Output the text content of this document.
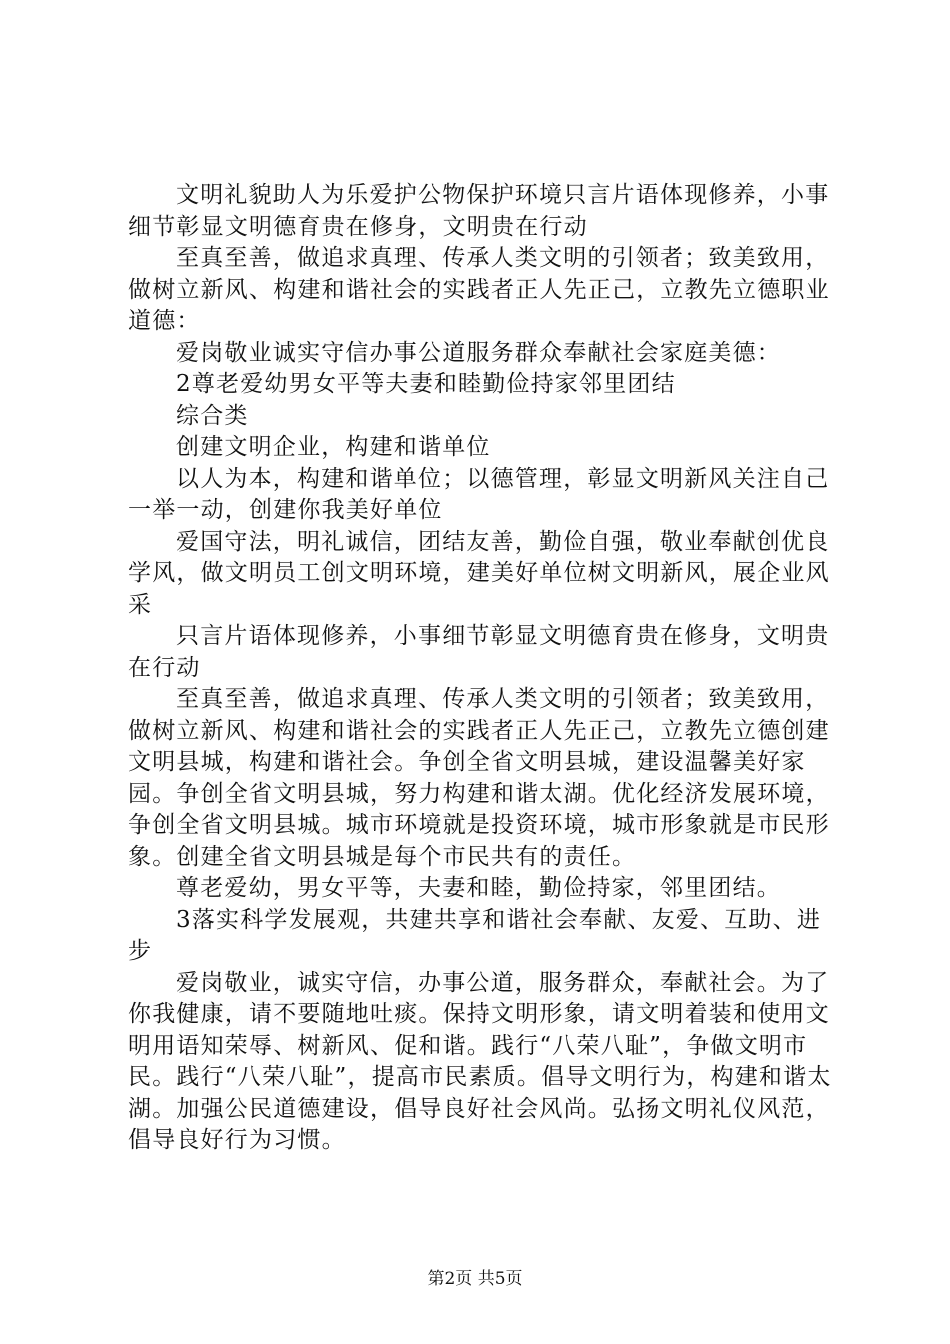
文明礼貌助人为乐爱护公物保护环境只言片语体现修养，小事细节彰显文明德育贵在修身，文明贵在行动

至真至善，做追求真理、传承人类文明的引领者；致美致用，做树立新风、构建和谐社会的实践者正人先正己，立教先立德职业道德：

爱岗敬业诚实守信办事公道服务群众奉献社会家庭美德：

2尊老爱幼男女平等夫妻和睦勤俭持家邻里团结

综合类

创建文明企业，构建和谐单位

以人为本，构建和谐单位；以德管理，彰显文明新风关注自己一举一动，创建你我美好单位

爱国守法，明礼诚信，团结友善，勤俭自强，敬业奉献创优良学风，做文明员工创文明环境，建美好单位树文明新风，展企业风采

只言片语体现修养，小事细节彰显文明德育贵在修身，文明贵在行动

至真至善，做追求真理、传承人类文明的引领者；致美致用，做树立新风、构建和谐社会的实践者正人先正己，立教先立德创建文明县城，构建和谐社会。争创全省文明县城，建设温馨美好家园。争创全省文明县城，努力构建和谐太湖。优化经济发展环境，争创全省文明县城。城市环境就是投资环境，城市形象就是市民形象。创建全省文明县城是每个市民共有的责任。

尊老爱幼，男女平等，夫妻和睦，勤俭持家，邻里团结。

3落实科学发展观，共建共享和谐社会奉献、友爱、互助、进步

爱岗敬业，诚实守信，办事公道，服务群众，奉献社会。为了你我健康，请不要随地吐痰。保持文明形象，请文明着装和使用文明用语知荣辱、树新风、促和谐。践行“八荣八耻”，争做文明市民。践行“八荣八耻”，提高市民素质。倡导文明行为，构建和谐太湖。加强公民道德建设，倡导良好社会风尚。弘扬文明礼仪风范，倡导良好行为习惯。

第2页 共5页
